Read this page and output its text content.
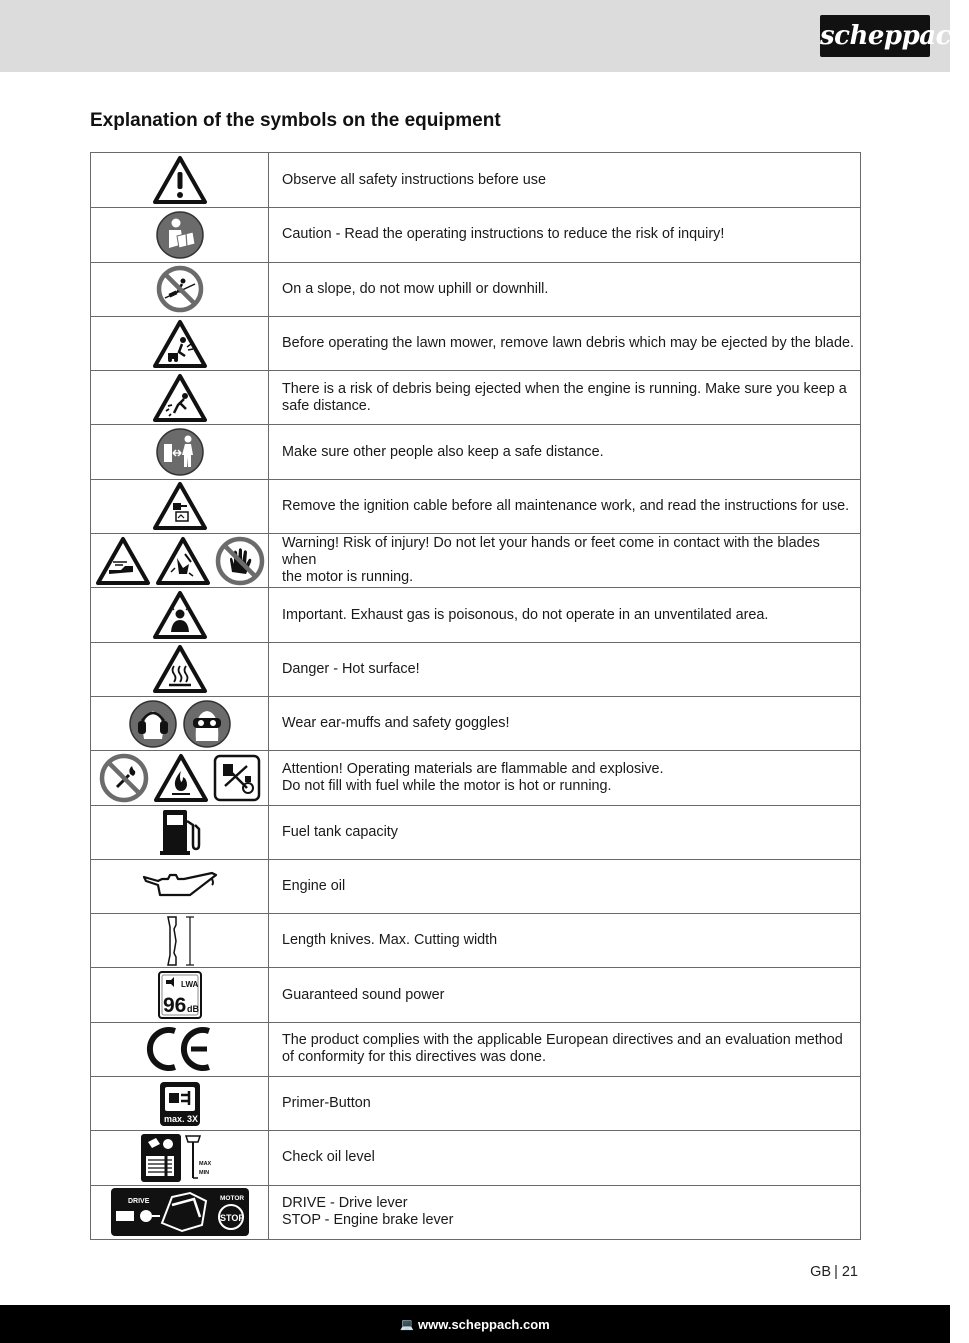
scheppach
Explanation of the symbols on the equipment
Observe all safety instructions before use
Caution - Read the operating instructions to reduce the risk of inquiry!
On a slope, do not mow uphill or downhill.
Before operating the lawn mower, remove lawn debris which may be ejected by the blade.
There is a risk of debris being ejected when the engine is running. Make sure you keep a
safe distance.
Make sure other people also keep a safe distance.
Remove the ignition cable before all maintenance work, and read the instructions for use.
Warning! Risk of injury! Do not let your hands or feet come in contact with the blades when
the motor is running.
Important. Exhaust gas is poisonous, do not operate in an unventilated area.
Danger - Hot surface!
Wear ear-muffs and safety goggles!
Attention! Operating materials are flammable and explosive.
Do not fill with fuel while the motor is hot or running.
Fuel tank capacity
Engine oil
Length knives. Max. Cutting width
LWA
96 dB
Guaranteed sound power
The product complies with the applicable European directives and an evaluation method
of conformity for this directives was done.
max. 3X
Primer-Button
MAX
MIN
Check oil level
DRIVE	MOTOR
STOP
DRIVE - Drive lever
STOP - Engine brake lever
GB | 21
💻 www.scheppach.com
